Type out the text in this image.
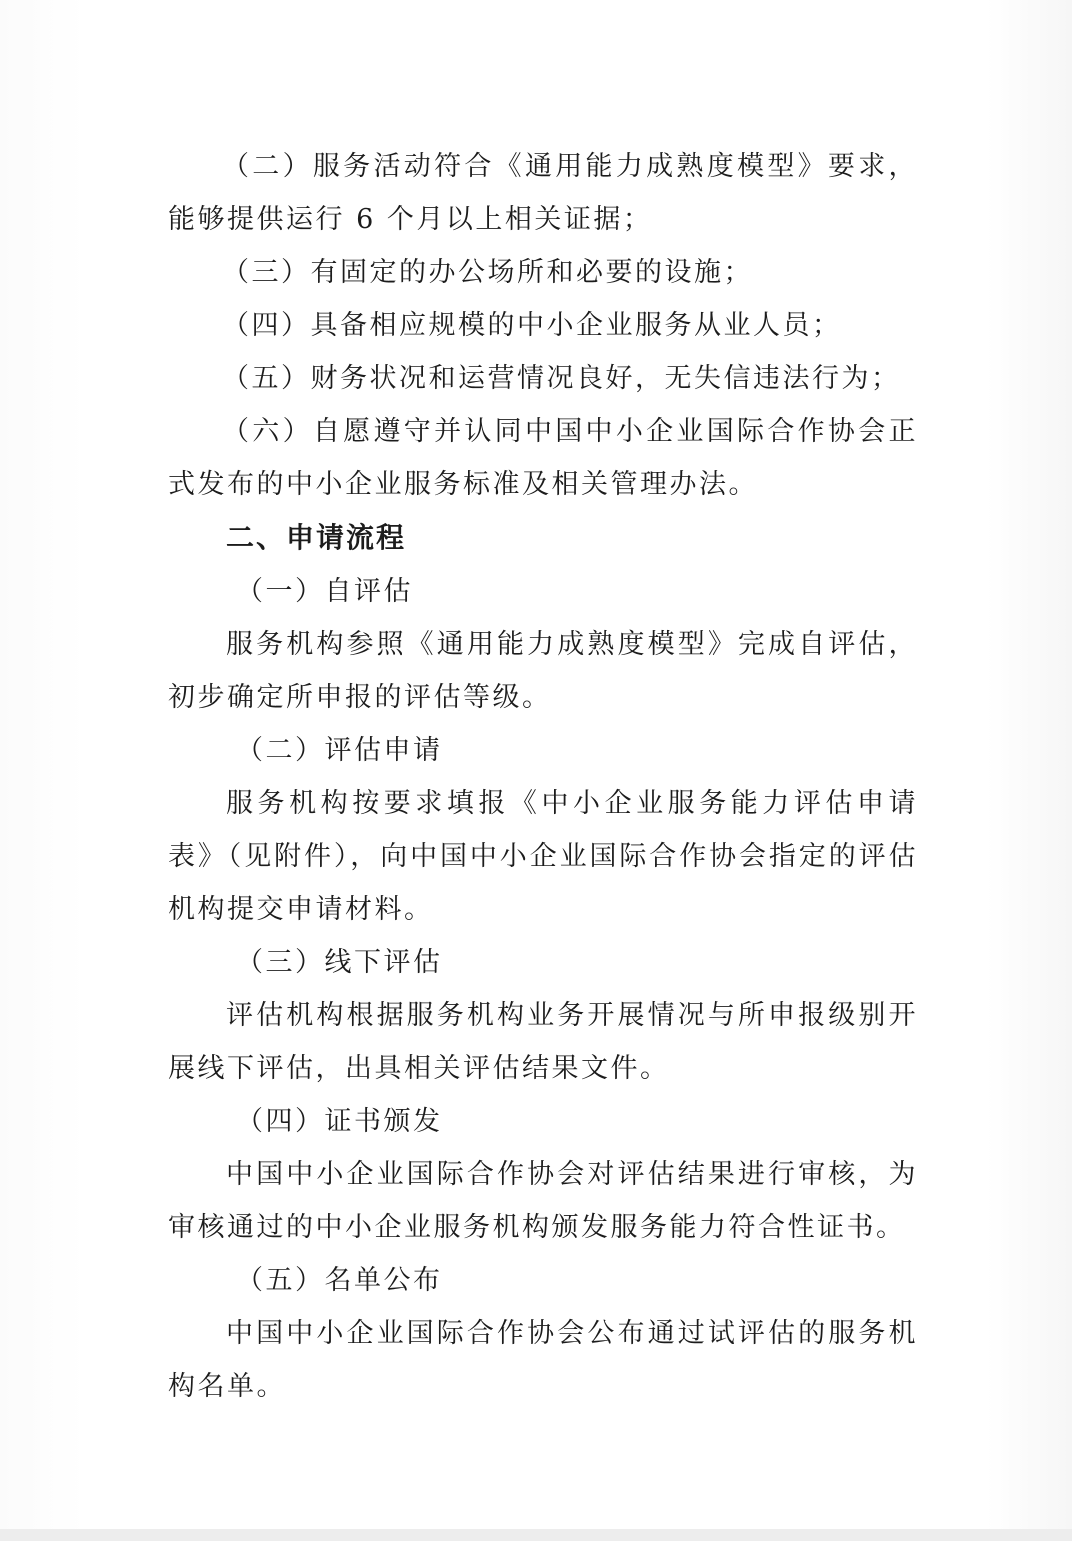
（二）服务活动符合《通用能力成熟度模型》要求，能够提供运行 6 个月以上相关证据；

（三）有固定的办公场所和必要的设施；

（四）具备相应规模的中小企业服务从业人员；

（五）财务状况和运营情况良好，无失信违法行为；

（六）自愿遵守并认同中国中小企业国际合作协会正式发布的中小企业服务标准及相关管理办法。

二、申请流程

（一）自评估

服务机构参照《通用能力成熟度模型》完成自评估，初步确定所申报的评估等级。

（二）评估申请

服务机构按要求填报《中小企业服务能力评估申请表》（见附件），向中国中小企业国际合作协会指定的评估机构提交申请材料。

（三）线下评估

评估机构根据服务机构业务开展情况与所申报级别开展线下评估，出具相关评估结果文件。

（四）证书颁发

中国中小企业国际合作协会对评估结果进行审核，为审核通过的中小企业服务机构颁发服务能力符合性证书。

（五）名单公布

中国中小企业国际合作协会公布通过试评估的服务机构名单。
